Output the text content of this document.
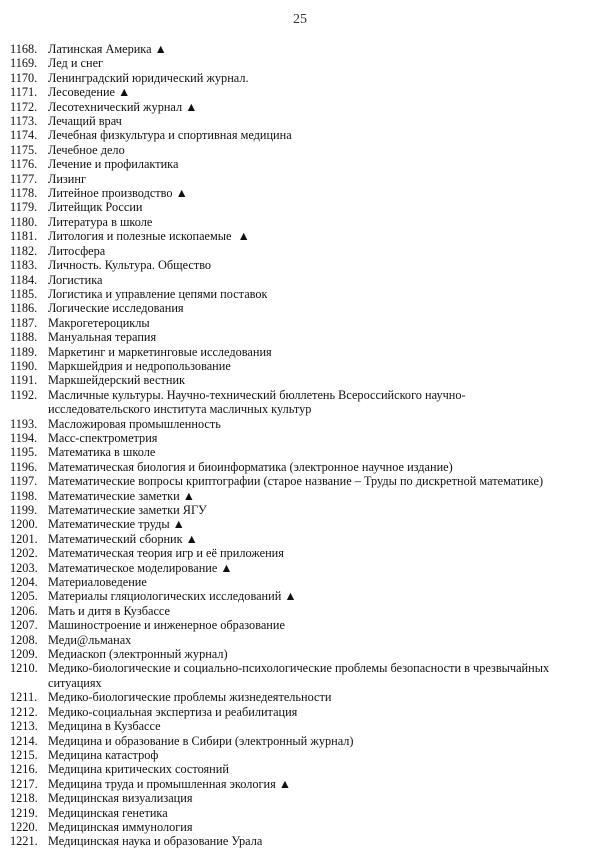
25
1168. Латинская Америка ▲
1169. Лед и снег
1170. Ленинградский юридический журнал.
1171. Лесоведение ▲
1172. Лесотехнический журнал ▲
1173. Лечащий врач
1174. Лечебная физкультура и спортивная медицина
1175. Лечебное дело
1176. Лечение и профилактика
1177. Лизинг
1178. Литейное производство ▲
1179. Литейщик России
1180. Литература в школе
1181. Литология и полезные ископаемые  ▲
1182. Литосфера
1183. Личность. Культура. Общество
1184. Логистика
1185. Логистика и управление цепями поставок
1186. Логические исследования
1187. Макрогетероциклы
1188. Мануальная терапия
1189. Маркетинг и маркетинговые исследования
1190. Маркшейдрия и недропользование
1191. Маркшейдерский вестник
1192. Масличные культуры. Научно-технический бюллетень Всероссийского научно-
исследовательского института масличных культур
1193. Масложировая промышленность
1194. Масс-спектрометрия
1195. Математика в школе
1196. Математическая биология и биоинформатика (электронное научное издание)
1197. Математические вопросы криптографии (старое название – Труды по дискретной математике)
1198. Математические заметки ▲
1199. Математические заметки ЯГУ
1200. Математические труды ▲
1201. Математический сборник ▲
1202. Математическая теория игр и её приложения
1203. Математическое моделирование ▲
1204. Материаловедение
1205. Материалы гляциологических исследований ▲
1206. Мать и дитя в Кузбассе
1207. Машиностроение и инженерное образование
1208. Меди@льманах
1209. Медиаскоп (электронный журнал)
1210. Медико-биологические и социально-психологические проблемы безопасности в чрезвычайных
ситуациях
1211. Медико-биологические проблемы жизнедеятельности
1212. Медико-социальная экспертиза и реабилитация
1213. Медицина в Кузбассе
1214. Медицина и образование в Сибири (электронный журнал)
1215. Медицина катастроф
1216. Медицина критических состояний
1217. Медицина труда и промышленная экология ▲
1218. Медицинская визуализация
1219. Медицинская генетика
1220. Медицинская иммунология
1221. Медицинская наука и образование Урала
